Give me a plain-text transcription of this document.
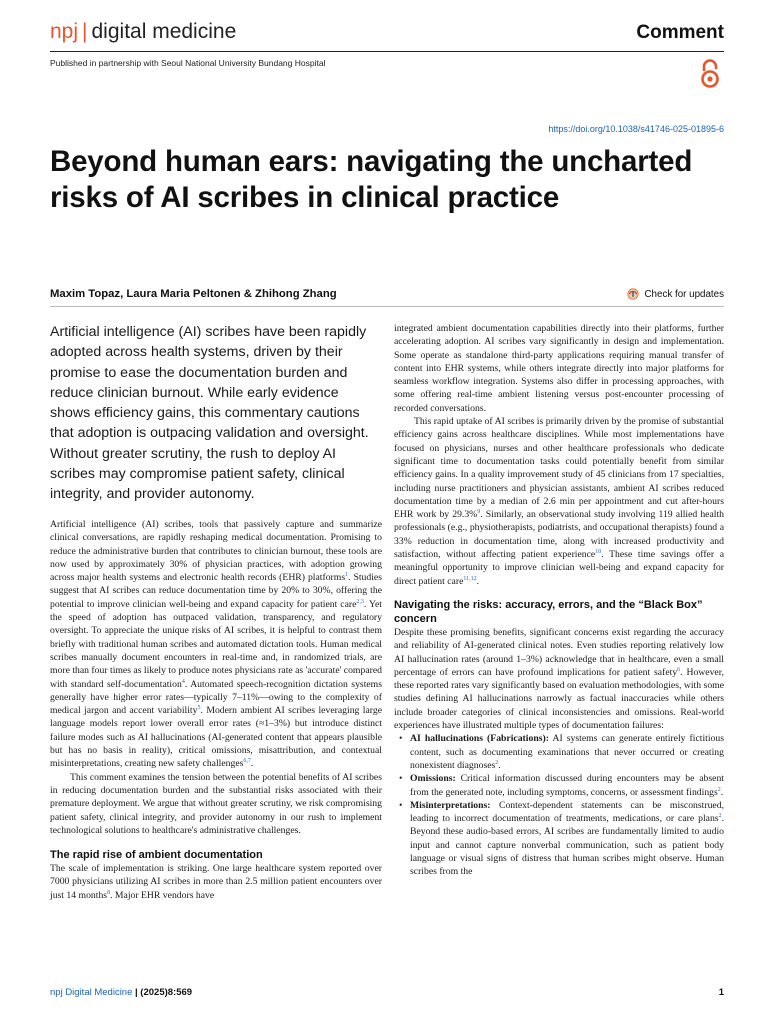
npj | digital medicine	Comment
Published in partnership with Seoul National University Bundang Hospital
https://doi.org/10.1038/s41746-025-01895-6
Beyond human ears: navigating the uncharted risks of AI scribes in clinical practice
Maxim Topaz, Laura Maria Peltonen & Zhihong Zhang	Check for updates

Artificial intelligence (AI) scribes have been rapidly adopted across health systems, driven by their promise to ease the documentation burden and reduce clinician burnout. While early evidence shows efficiency gains, this commentary cautions that adoption is outpacing validation and oversight. Without greater scrutiny, the rush to deploy AI scribes may compromise patient safety, clinical integrity, and provider autonomy.

Artificial intelligence (AI) scribes, tools that passively capture and summarize clinical conversations, are rapidly reshaping medical documentation. Promising to reduce the administrative burden that contributes to clinician burnout, these tools are now used by approximately 30% of physician practices, with adoption growing across major health systems and electronic health records (EHR) platforms$^1$. Studies suggest that AI scribes can reduce documentation time by 20% to 30%, offering the potential to improve clinician well-being and expand capacity for patient care$^{2,3}$. Yet the speed of adoption has outpaced validation, transparency, and regulatory oversight. To appreciate the unique risks of AI scribes, it is helpful to contrast them briefly with traditional human scribes and automated dictation tools. Human medical scribes manually document encounters in real-time and, in randomized trials, are more than four times as likely to produce notes physicians rate as 'accurate' compared with standard self-documentation$^4$. Automated speech-recognition dictation systems generally have higher error rates—typically 7–11%—owing to the complexity of medical jargon and accent variability$^5$. Modern ambient AI scribes leveraging large language models report lower overall error rates (≈1–3%) but introduce distinct failure modes such as AI hallucinations (AI-generated content that appears plausible but has no basis in reality), critical omissions, misattribution, and contextual misinterpretations, creating new safety challenges$^{6,7}$.

This comment examines the tension between the potential benefits of AI scribes in reducing documentation burden and the substantial risks associated with their premature deployment. We argue that without greater scrutiny, we risk compromising patient safety, clinical integrity, and provider autonomy in our rush to implement technological solutions to healthcare's administrative challenges.

The rapid rise of ambient documentation

The scale of implementation is striking. One large healthcare system reported over 7000 physicians utilizing AI scribes in more than 2.5 million patient encounters over just 14 months$^8$. Major EHR vendors have

integrated ambient documentation capabilities directly into their platforms, further accelerating adoption. AI scribes vary significantly in design and implementation. Some operate as standalone third-party applications requiring manual transfer of content into EHR systems, while others integrate directly into major platforms for seamless workflow integration. Systems also differ in processing approaches, with some offering real-time ambient listening versus post-encounter processing of recorded conversations.

This rapid uptake of AI scribes is primarily driven by the promise of substantial efficiency gains across healthcare disciplines. While most implementations have focused on physicians, nurses and other healthcare professionals who dedicate significant time to documentation tasks could potentially benefit from similar efficiency gains. In a quality improvement study of 45 clinicians from 17 specialties, including nurse practitioners and physician assistants, ambient AI scribes reduced documentation time by a median of 2.6 min per appointment and cut after-hours EHR work by 29.3%$^9$. Similarly, an observational study involving 119 allied health professionals (e.g., physiotherapists, podiatrists, and occupational therapists) found a 33% reduction in documentation time, along with increased productivity and satisfaction, without affecting patient experience$^{10}$. These time savings offer a meaningful opportunity to improve clinician well-being and expand capacity for direct patient care$^{11,12}$.

Navigating the risks: accuracy, errors, and the “Black Box” concern

Despite these promising benefits, significant concerns exist regarding the accuracy and reliability of AI-generated clinical notes. Even studies reporting relatively low AI hallucination rates (around 1–3%) acknowledge that in healthcare, even a small percentage of errors can have profound implications for patient safety$^6$. However, these reported rates vary significantly based on evaluation methodologies, with some studies defining AI hallucinations narrowly as factual inaccuracies while others include broader categories of clinical inconsistencies and omissions. Real-world experiences have illustrated multiple types of documentation failures:

• AI hallucinations (Fabrications): AI systems can generate entirely fictitious content, such as documenting examinations that never occurred or creating nonexistent diagnoses$^2$.
• Omissions: Critical information discussed during encounters may be absent from the generated note, including symptoms, concerns, or assessment findings$^2$.
• Misinterpretations: Context-dependent statements can be misconstrued, leading to incorrect documentation of treatments, medications, or care plans$^2$. Beyond these audio-based errors, AI scribes are fundamentally limited to audio input and cannot capture nonverbal communication, such as patient body language or visual signs of distress that human scribes might observe. Human scribes from the
npj Digital Medicine | (2025)8:569	1
